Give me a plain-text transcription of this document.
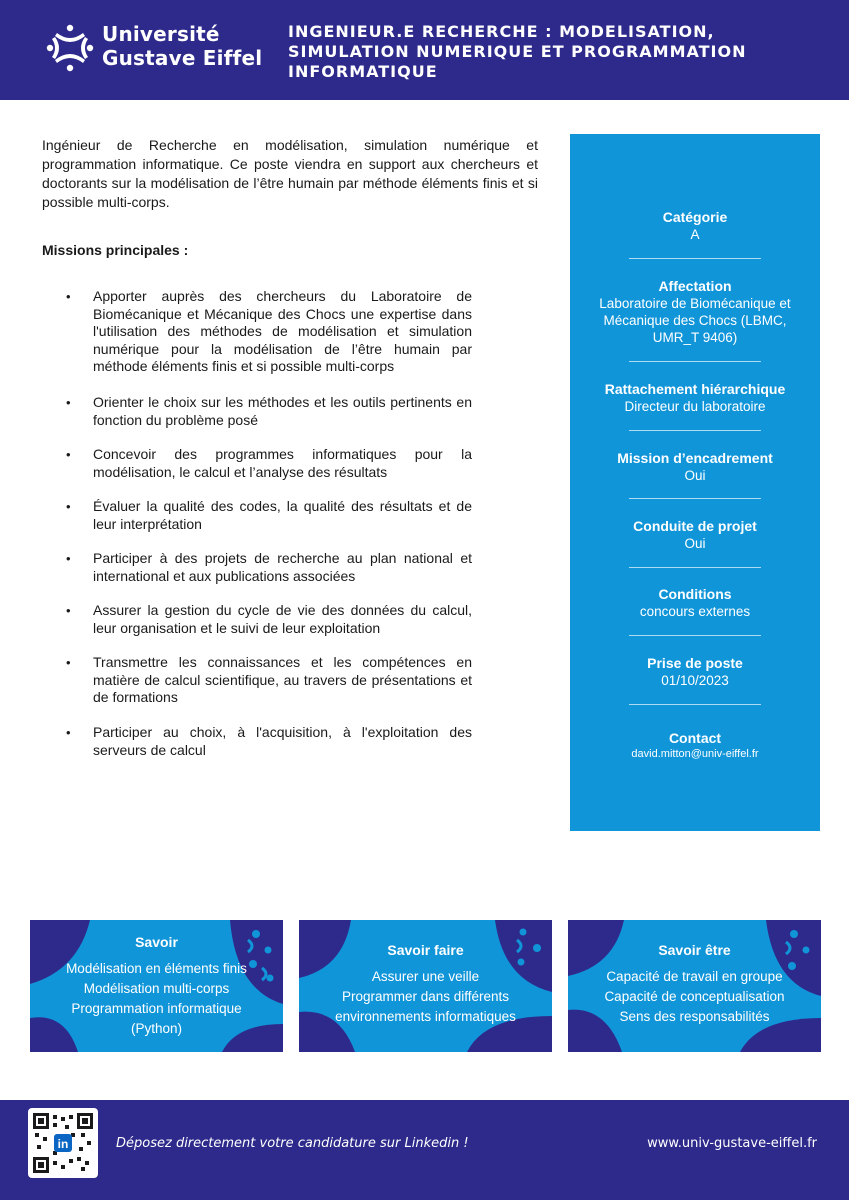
Université
Gustave Eiffel
INGENIEUR.E RECHERCHE : MODELISATION,
SIMULATION NUMERIQUE ET PROGRAMMATION
INFORMATIQUE

Ingénieur de Recherche en modélisation, simulation numérique et programmation informatique. Ce poste viendra en support aux chercheurs et doctorants sur la modélisation de l’être humain par méthode éléments finis et si possible multi-corps.

Missions principales :
• Apporter auprès des chercheurs du Laboratoire de Biomécanique et Mécanique des Chocs une expertise dans l'utilisation des méthodes de modélisation et simulation numérique pour la modélisation de l’être humain par méthode éléments finis et si possible multi-corps
• Orienter le choix sur les méthodes et les outils pertinents en fonction du problème posé
• Concevoir des programmes informatiques pour la modélisation, le calcul et l’analyse des résultats
• Évaluer la qualité des codes, la qualité des résultats et de leur interprétation
• Participer à des projets de recherche au plan national et international et aux publications associées
• Assurer la gestion du cycle de vie des données du calcul, leur organisation et le suivi de leur exploitation
• Transmettre les connaissances et les compétences en matière de calcul scientifique, au travers de présentations et de formations
• Participer au choix, à l'acquisition, à l'exploitation des serveurs de calcul
Catégorie
A
Affectation
Laboratoire de Biomécanique et
Mécanique des Chocs (LBMC,
UMR_T 9406)
Rattachement hiérarchique
Directeur du laboratoire
Mission d’encadrement
Oui
Conduite de projet
Oui
Conditions
concours externes
Prise de poste
01/10/2023
Contact
david.mitton@univ-eiffel.fr
Savoir
Modélisation en éléments finis
Modélisation multi-corps
Programmation informatique
(Python)
Savoir faire
Assurer une veille
Programmer dans différents
environnements informatiques
Savoir être
Capacité de travail en groupe
Capacité de conceptualisation
Sens des responsabilités
in	Déposez directement votre candidature sur Linkedin !	www.univ-gustave-eiffel.fr
